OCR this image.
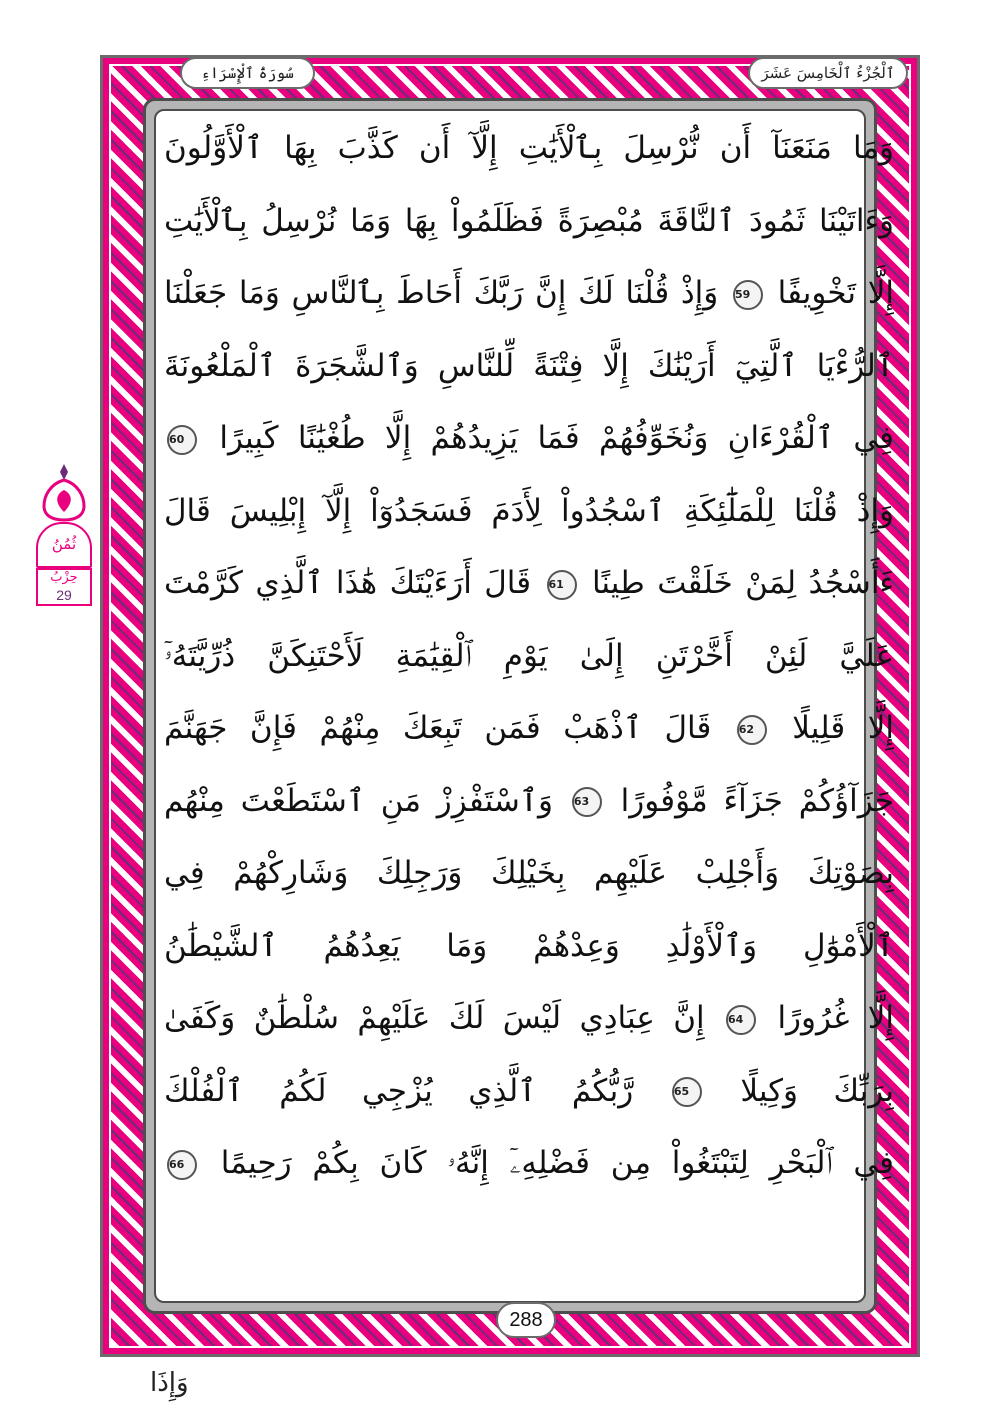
ٱلْجُزْءُ ٱلْخَامِسَ عَشَرَ
سُورَةُ ٱلْإِسْرَاءِ
وَمَا مَنَعَنَآ أَن نُّرْسِلَ بِٱلْأَيَٰتِ إِلَّآ أَن كَذَّبَ بِهَا ٱلْأَوَّلُونَ
وَءَاتَيْنَا ثَمُودَ ٱلنَّاقَةَ مُبْصِرَةً فَظَلَمُواْ بِهَا وَمَا نُرْسِلُ بِٱلْأَيَٰتِ
إِلَّا تَخْوِيفًا 59 وَإِذْ قُلْنَا لَكَ إِنَّ رَبَّكَ أَحَاطَ بِٱلنَّاسِ وَمَا جَعَلْنَا
ٱلرُّءْيَا ٱلَّتِيٓ أَرَيْنَٰكَ إِلَّا فِتْنَةً لِّلنَّاسِ وَٱلشَّجَرَةَ ٱلْمَلْعُونَةَ
فِي ٱلْقُرْءَانِ وَنُخَوِّفُهُمْ فَمَا يَزِيدُهُمْ إِلَّا طُغْيَٰنًا كَبِيرًا 60
وَإِذْ قُلْنَا لِلْمَلَٰٓئِكَةِ ٱسْجُدُواْ لِأَدَمَ فَسَجَدُوٓاْ إِلَّآ إِبْلِيسَ قَالَ
ءَأَسْجُدُ لِمَنْ خَلَقْتَ طِينًا 61 قَالَ أَرَءَيْتَكَ هَٰذَا ٱلَّذِي كَرَّمْتَ
عَلَيَّ لَئِنْ أَخَّرْتَنِ إِلَىٰ يَوْمِ ٱلْقِيَٰمَةِ لَأَحْتَنِكَنَّ ذُرِّيَّتَهُۥٓ
إِلَّا قَلِيلًا 62 قَالَ ٱذْهَبْ فَمَن تَبِعَكَ مِنْهُمْ فَإِنَّ جَهَنَّمَ
جَزَآؤُكُمْ جَزَآءً مَّوْفُورًا 63 وَٱسْتَفْزِزْ مَنِ ٱسْتَطَعْتَ مِنْهُم
بِصَوْتِكَ وَأَجْلِبْ عَلَيْهِم بِخَيْلِكَ وَرَجِلِكَ وَشَارِكْهُمْ فِي
ٱلْأَمْوَٰلِ وَٱلْأَوْلَٰدِ وَعِدْهُمْ وَمَا يَعِدُهُمُ ٱلشَّيْطَٰنُ
إِلَّا غُرُورًا 64 إِنَّ عِبَادِي لَيْسَ لَكَ عَلَيْهِمْ سُلْطَٰنٌ وَكَفَىٰ
بِرَبِّكَ وَكِيلًا 65 رَّبُّكُمُ ٱلَّذِي يُزْجِي لَكُمُ ٱلْفُلْكَ
فِي ٱلْبَحْرِ لِتَبْتَغُواْ مِن فَضْلِهِۦٓ إِنَّهُۥ كَانَ بِكُمْ رَحِيمًا 66
288
وَإِذَا
ثُمُنُ
حِزْبُ
29
